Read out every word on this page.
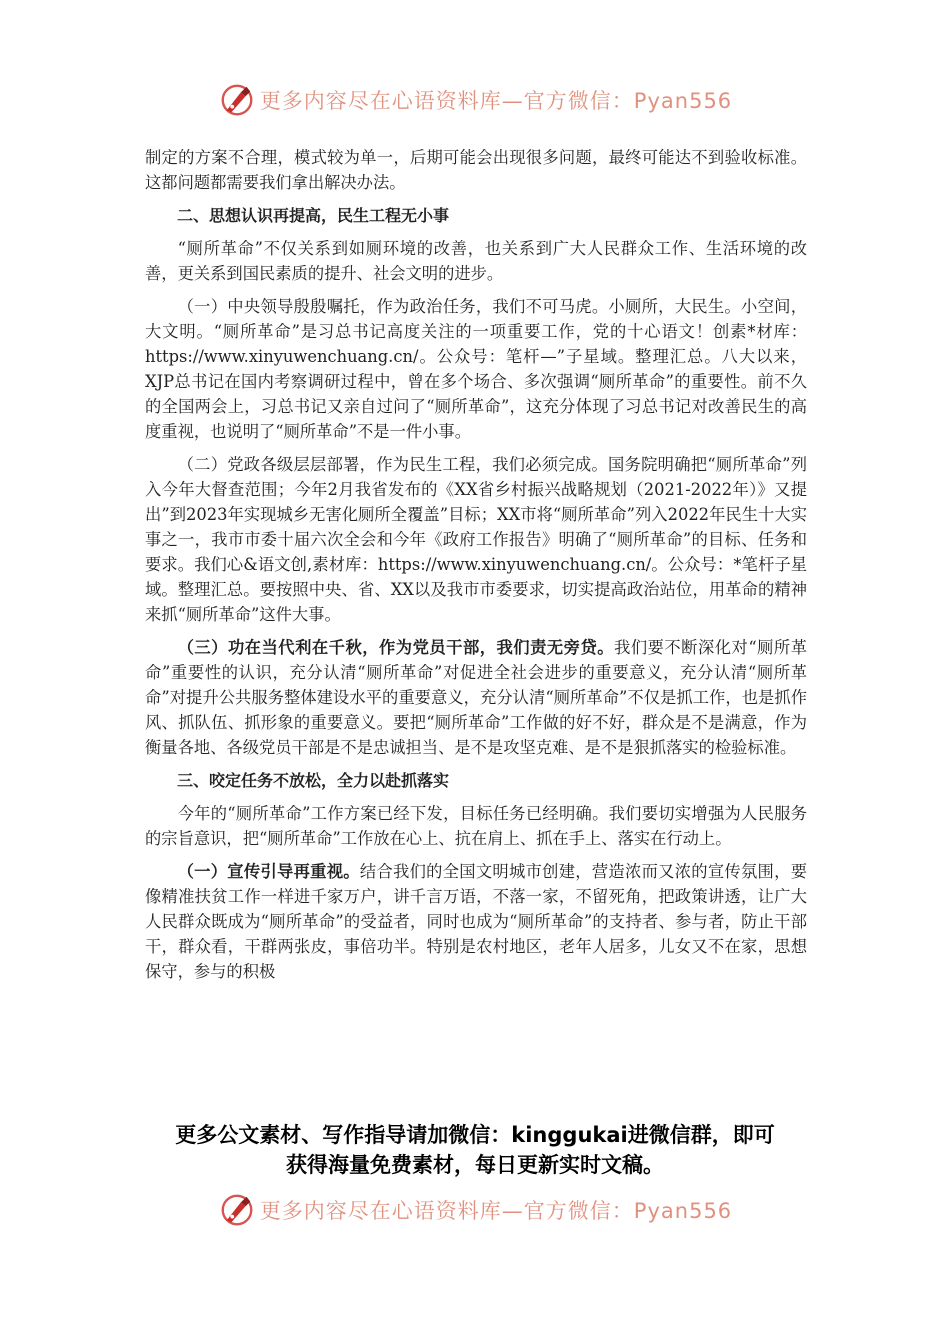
更多内容尽在心语资料库—官方微信：Pyan556

制定的方案不合理，模式较为单一，后期可能会出现很多问题，最终可能达不到验收标准。这都问题都需要我们拿出解决办法。

二、思想认识再提高，民生工程无小事

“厕所革命”不仅关系到如厕环境的改善，也关系到广大人民群众工作、生活环境的改善，更关系到国民素质的提升、社会文明的进步。

（一）中央领导殷殷嘱托，作为政治任务，我们不可马虎。小厕所，大民生。小空间，大文明。“厕所革命”是习总书记高度关注的一项重要工作，党的十心语文！创素*材库：https://www.xinyuwenchuang.cn/。公众号：笔杆—”子星域。整理汇总。八大以来，XJP总书记在国内考察调研过程中，曾在多个场合、多次强调“厕所革命”的重要性。前不久的全国两会上，习总书记又亲自过问了“厕所革命”，这充分体现了习总书记对改善民生的高度重视，也说明了“厕所革命”不是一件小事。

（二）党政各级层层部署，作为民生工程，我们必须完成。国务院明确把“厕所革命”列入今年大督查范围；今年2月我省发布的《XX省乡村振兴战略规划（2021-2022年）》又提出”到2023年实现城乡无害化厕所全覆盖”目标；XX市将“厕所革命”列入2022年民生十大实事之一，我市市委十届六次全会和今年《政府工作报告》明确了“厕所革命”的目标、任务和要求。我们心&语文创,素材库：https://www.xinyuwenchuang.cn/。公众号：*笔杆子星域。整理汇总。要按照中央、省、XX以及我市市委要求，切实提高政治站位，用革命的精神来抓“厕所革命”这件大事。

（三）功在当代利在千秋，作为党员干部，我们责无旁贷。我们要不断深化对“厕所革命”重要性的认识，充分认清“厕所革命”对促进全社会进步的重要意义，充分认清“厕所革命”对提升公共服务整体建设水平的重要意义，充分认清“厕所革命”不仅是抓工作，也是抓作风、抓队伍、抓形象的重要意义。要把“厕所革命”工作做的好不好，群众是不是满意，作为衡量各地、各级党员干部是不是忠诚担当、是不是攻坚克难、是不是狠抓落实的检验标准。

三、咬定任务不放松，全力以赴抓落实

今年的“厕所革命”工作方案已经下发，目标任务已经明确。我们要切实增强为人民服务的宗旨意识，把“厕所革命”工作放在心上、抗在肩上、抓在手上、落实在行动上。

（一）宣传引导再重视。结合我们的全国文明城市创建，营造浓而又浓的宣传氛围，要像精准扶贫工作一样进千家万户，讲千言万语，不落一家，不留死角，把政策讲透，让广大人民群众既成为“厕所革命”的受益者，同时也成为“厕所革命”的支持者、参与者，防止干部干，群众看，干群两张皮，事倍功半。特别是农村地区，老年人居多，儿女又不在家，思想保守，参与的积极

更多公文素材、写作指导请加微信：kinggukai进微信群，即可
获得海量免费素材，每日更新实时文稿。
更多内容尽在心语资料库—官方微信：Pyan556
